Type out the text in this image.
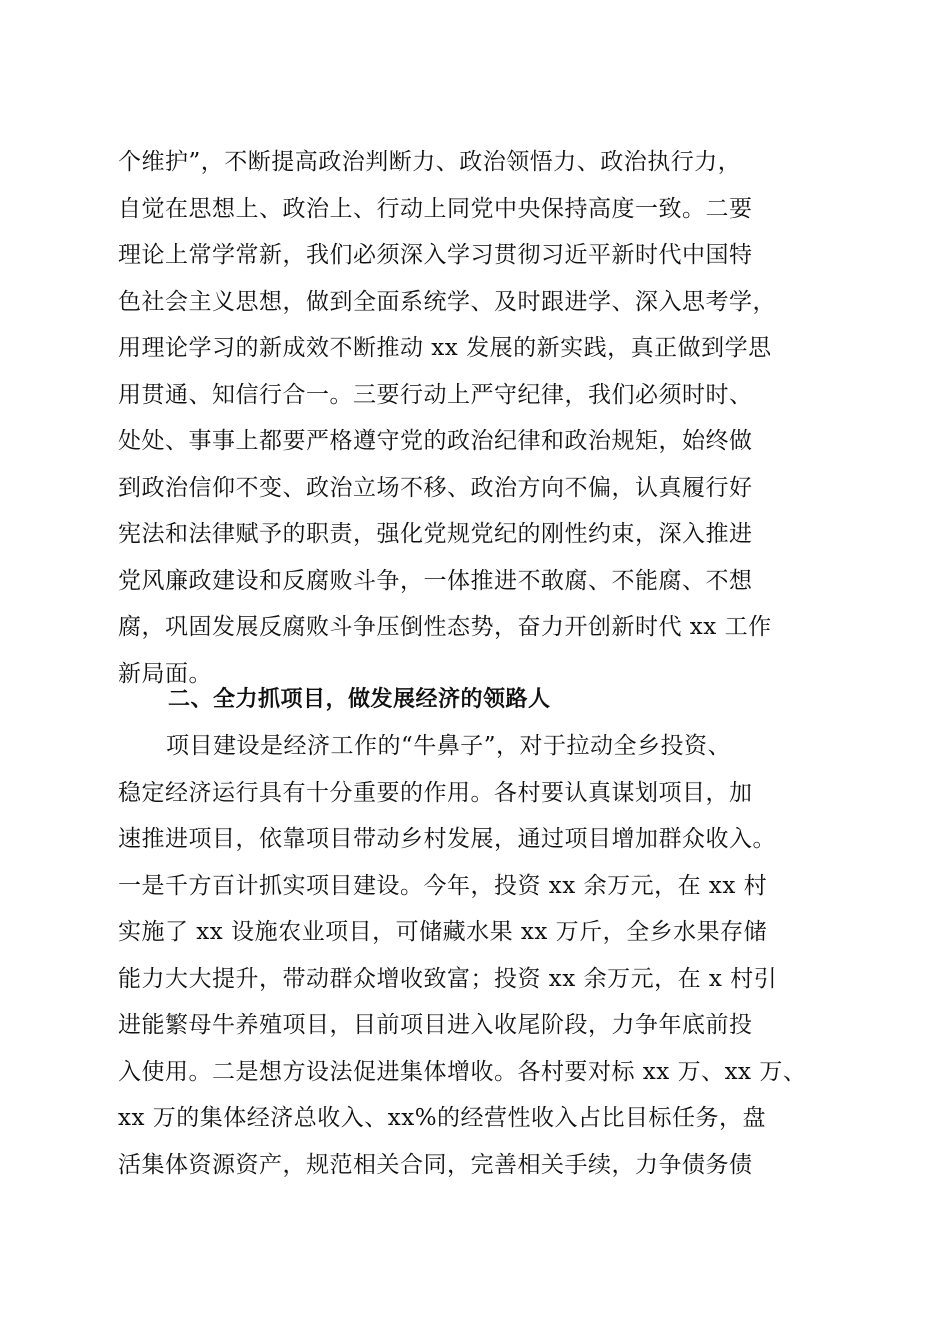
个维护”，不断提高政治判断力、政治领悟力、政治执行力，
自觉在思想上、政治上、行动上同党中央保持高度一致。二要
理论上常学常新，我们必须深入学习贯彻习近平新时代中国特
色社会主义思想，做到全面系统学、及时跟进学、深入思考学，
用理论学习的新成效不断推动 xx 发展的新实践，真正做到学思
用贯通、知信行合一。三要行动上严守纪律，我们必须时时、
处处、事事上都要严格遵守党的政治纪律和政治规矩，始终做
到政治信仰不变、政治立场不移、政治方向不偏，认真履行好
宪法和法律赋予的职责，强化党规党纪的刚性约束，深入推进
党风廉政建设和反腐败斗争，一体推进不敢腐、不能腐、不想
腐，巩固发展反腐败斗争压倒性态势，奋力开创新时代 xx 工作
新局面。
二、全力抓项目，做发展经济的领路人
项目建设是经济工作的“牛鼻子”，对于拉动全乡投资、
稳定经济运行具有十分重要的作用。各村要认真谋划项目，加
速推进项目，依靠项目带动乡村发展，通过项目增加群众收入。
一是千方百计抓实项目建设。今年，投资 xx 余万元，在 xx 村
实施了 xx 设施农业项目，可储藏水果 xx 万斤，全乡水果存储
能力大大提升，带动群众增收致富；投资 xx 余万元，在 x 村引
进能繁母牛养殖项目，目前项目进入收尾阶段，力争年底前投
入使用。二是想方设法促进集体增收。各村要对标 xx 万、xx 万、
xx 万的集体经济总收入、xx%的经营性收入占比目标任务，盘
活集体资源资产，规范相关合同，完善相关手续，力争债务债
